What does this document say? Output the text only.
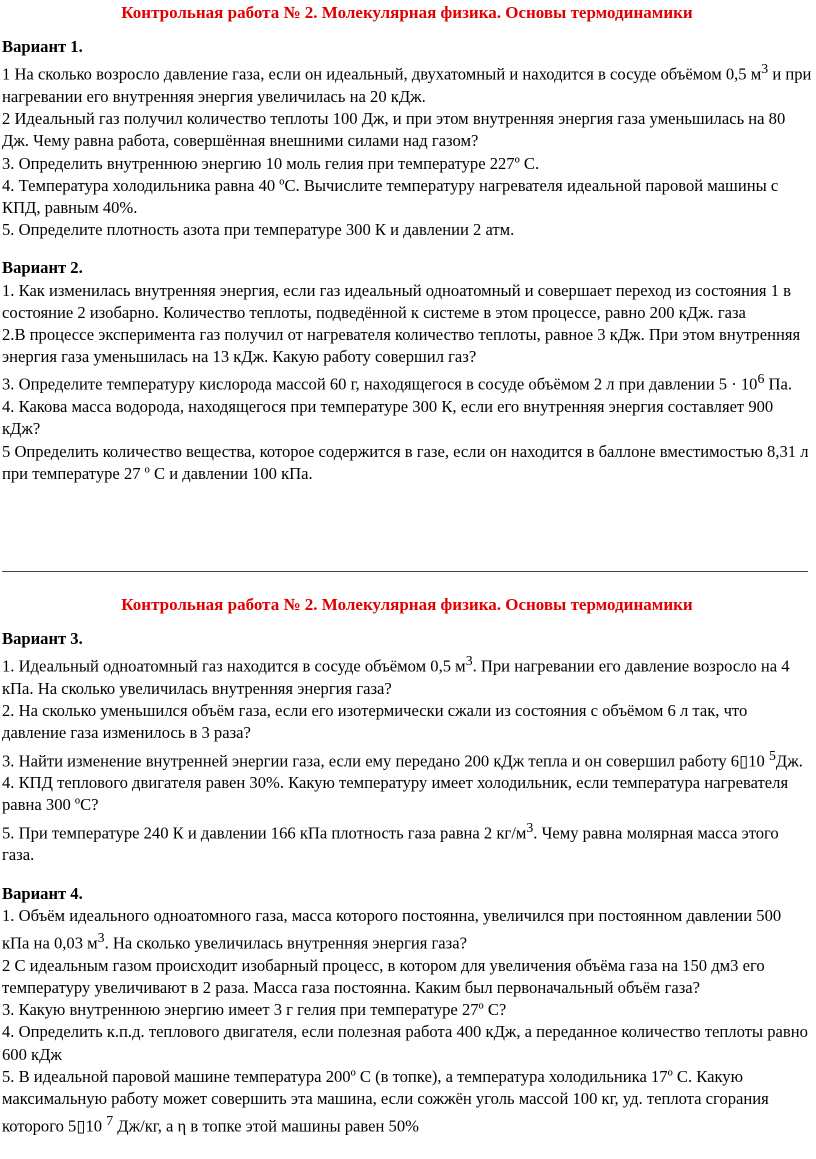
Контрольная работа № 2. Молекулярная физика. Основы термодинамики
Вариант 1.
1 На сколько возросло давление газа, если он идеальный, двухатомный и находится в сосуде объёмом 0,5 $м^3$ и при нагревании его внутренняя энергия увеличилась на 20 кДж.
2 Идеальный газ получил количество теплоты 100 Дж, и при этом внутренняя энергия газа уменьшилась на 80 Дж. Чему равна работа, совершённая внешними силами над газом?
3. Определить внутреннюю энергию 10 моль гелия при температуре 227º С.
4. Температура холодильника равна 40 ºС. Вычислите температуру нагревателя идеальной паровой машины с КПД, равным 40%.
5. Определите плотность азота при температуре 300 К и давлении 2 атм.
Вариант 2.
1. Как изменилась внутренняя энергия, если газ идеальный одноатомный и совершает переход из состояния 1 в состояние 2 изобарно. Количество теплоты, подведённой к системе в этом процессе, равно 200 кДж. газа
2.В процессе эксперимента газ получил от нагревателя количество теплоты, равное 3 кДж. При этом внутренняя энергия газа уменьшилась на 13 кДж. Какую работу совершил газ?
3. Определите температуру кислорода массой 60 г, находящегося в сосуде объёмом 2 л при давлении $5 \cdot 10^6$ Па.
4. Какова масса водорода, находящегося при температуре 300 К, если его внутренняя энергия составляет 900 кДж?
5 Определить количество вещества, которое содержится в газе, если он находится в баллоне вместимостью 8,31 л при температуре 27 º С и давлении 100 кПа.
Контрольная работа № 2. Молекулярная физика. Основы термодинамики
Вариант 3.
1. Идеальный одноатомный газ находится в сосуде объёмом 0,5 $м^3$. При нагревании его давление возросло на 4 кПа. На сколько увеличилась внутренняя энергия газа?
2. На сколько уменьшился объём газа, если его изотермически сжали из состояния с объёмом 6 л так, что давление газа изменилось в 3 раза?
3. Найти изменение внутренней энергии газа, если ему передано 200 кДж тепла и он совершил работу 6▯10 $^5$Дж.
4. КПД теплового двигателя равен 30%. Какую температуру имеет холодильник, если температура нагревателя равна 300 ºС?
5. При температуре 240 К и давлении 166 кПа плотность газа равна 2 $кг/м^3$. Чему равна молярная масса этого газа.
Вариант 4.
1. Объём идеального одноатомного газа, масса которого постоянна, увеличился при постоянном давлении 500 кПа на 0,03 $м^3$. На сколько увеличилась внутренняя энергия газа?
2 С идеальным газом происходит изобарный процесс, в котором для увеличения объёма газа на 150 дм3 его температуру увеличивают в 2 раза. Масса газа постоянна. Каким был первоначальный объём газа?
3. Какую внутреннюю энергию имеет 3 г гелия при температуре 27º С?
4. Определить к.п.д. теплового двигателя, если полезная работа 400 кДж, а переданное количество теплоты равно 600 кДж
5. В идеальной паровой машине температура 200º С (в топке), а температура холодильника 17º С. Какую максимальную работу может совершить эта машина, если сожжён уголь массой 100 кг, уд. теплота сгорания которого 5▯10 $^7$ Дж/кг, а η в топке этой машины равен 50%
